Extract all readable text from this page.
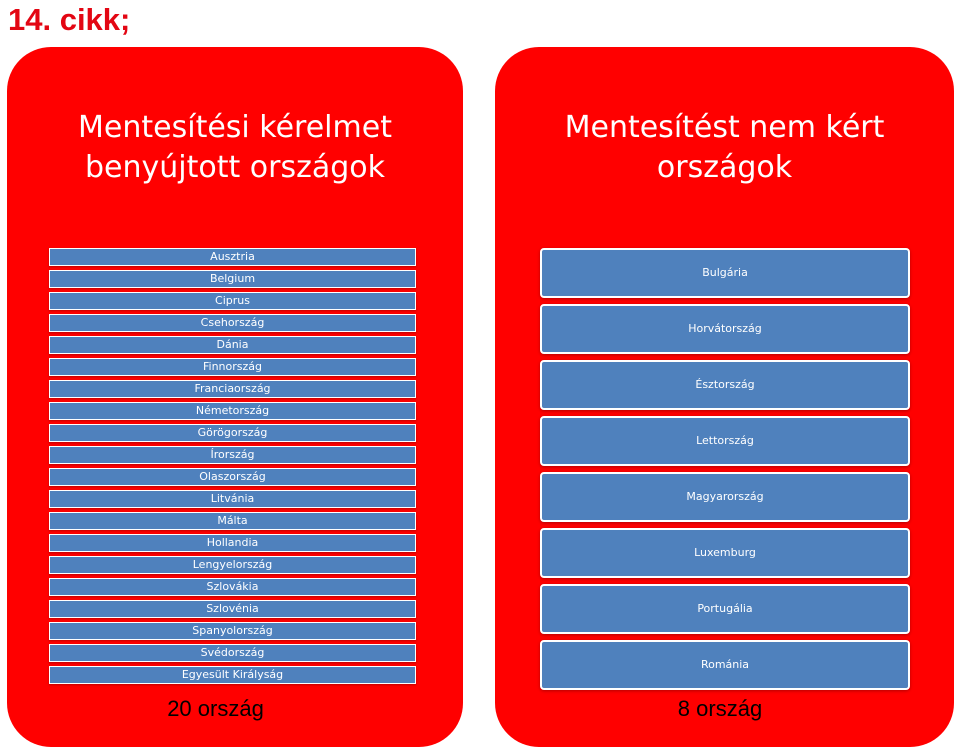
14. cikk;
Mentesítési kérelmet
benyújtott országok
Mentesítést nem kért
országok
Ausztria
Belgium
Ciprus
Csehország
Dánia
Finnország
Franciaország
Németország
Görögország
Írország
Olaszország
Litvánia
Málta
Hollandia
Lengyelország
Szlovákia
Szlovénia
Spanyolország
Svédország
Egyesült Királyság
Bulgária
Horvátország
Észtország
Lettország
Magyarország
Luxemburg
Portugália
Románia
20 ország	8 ország
